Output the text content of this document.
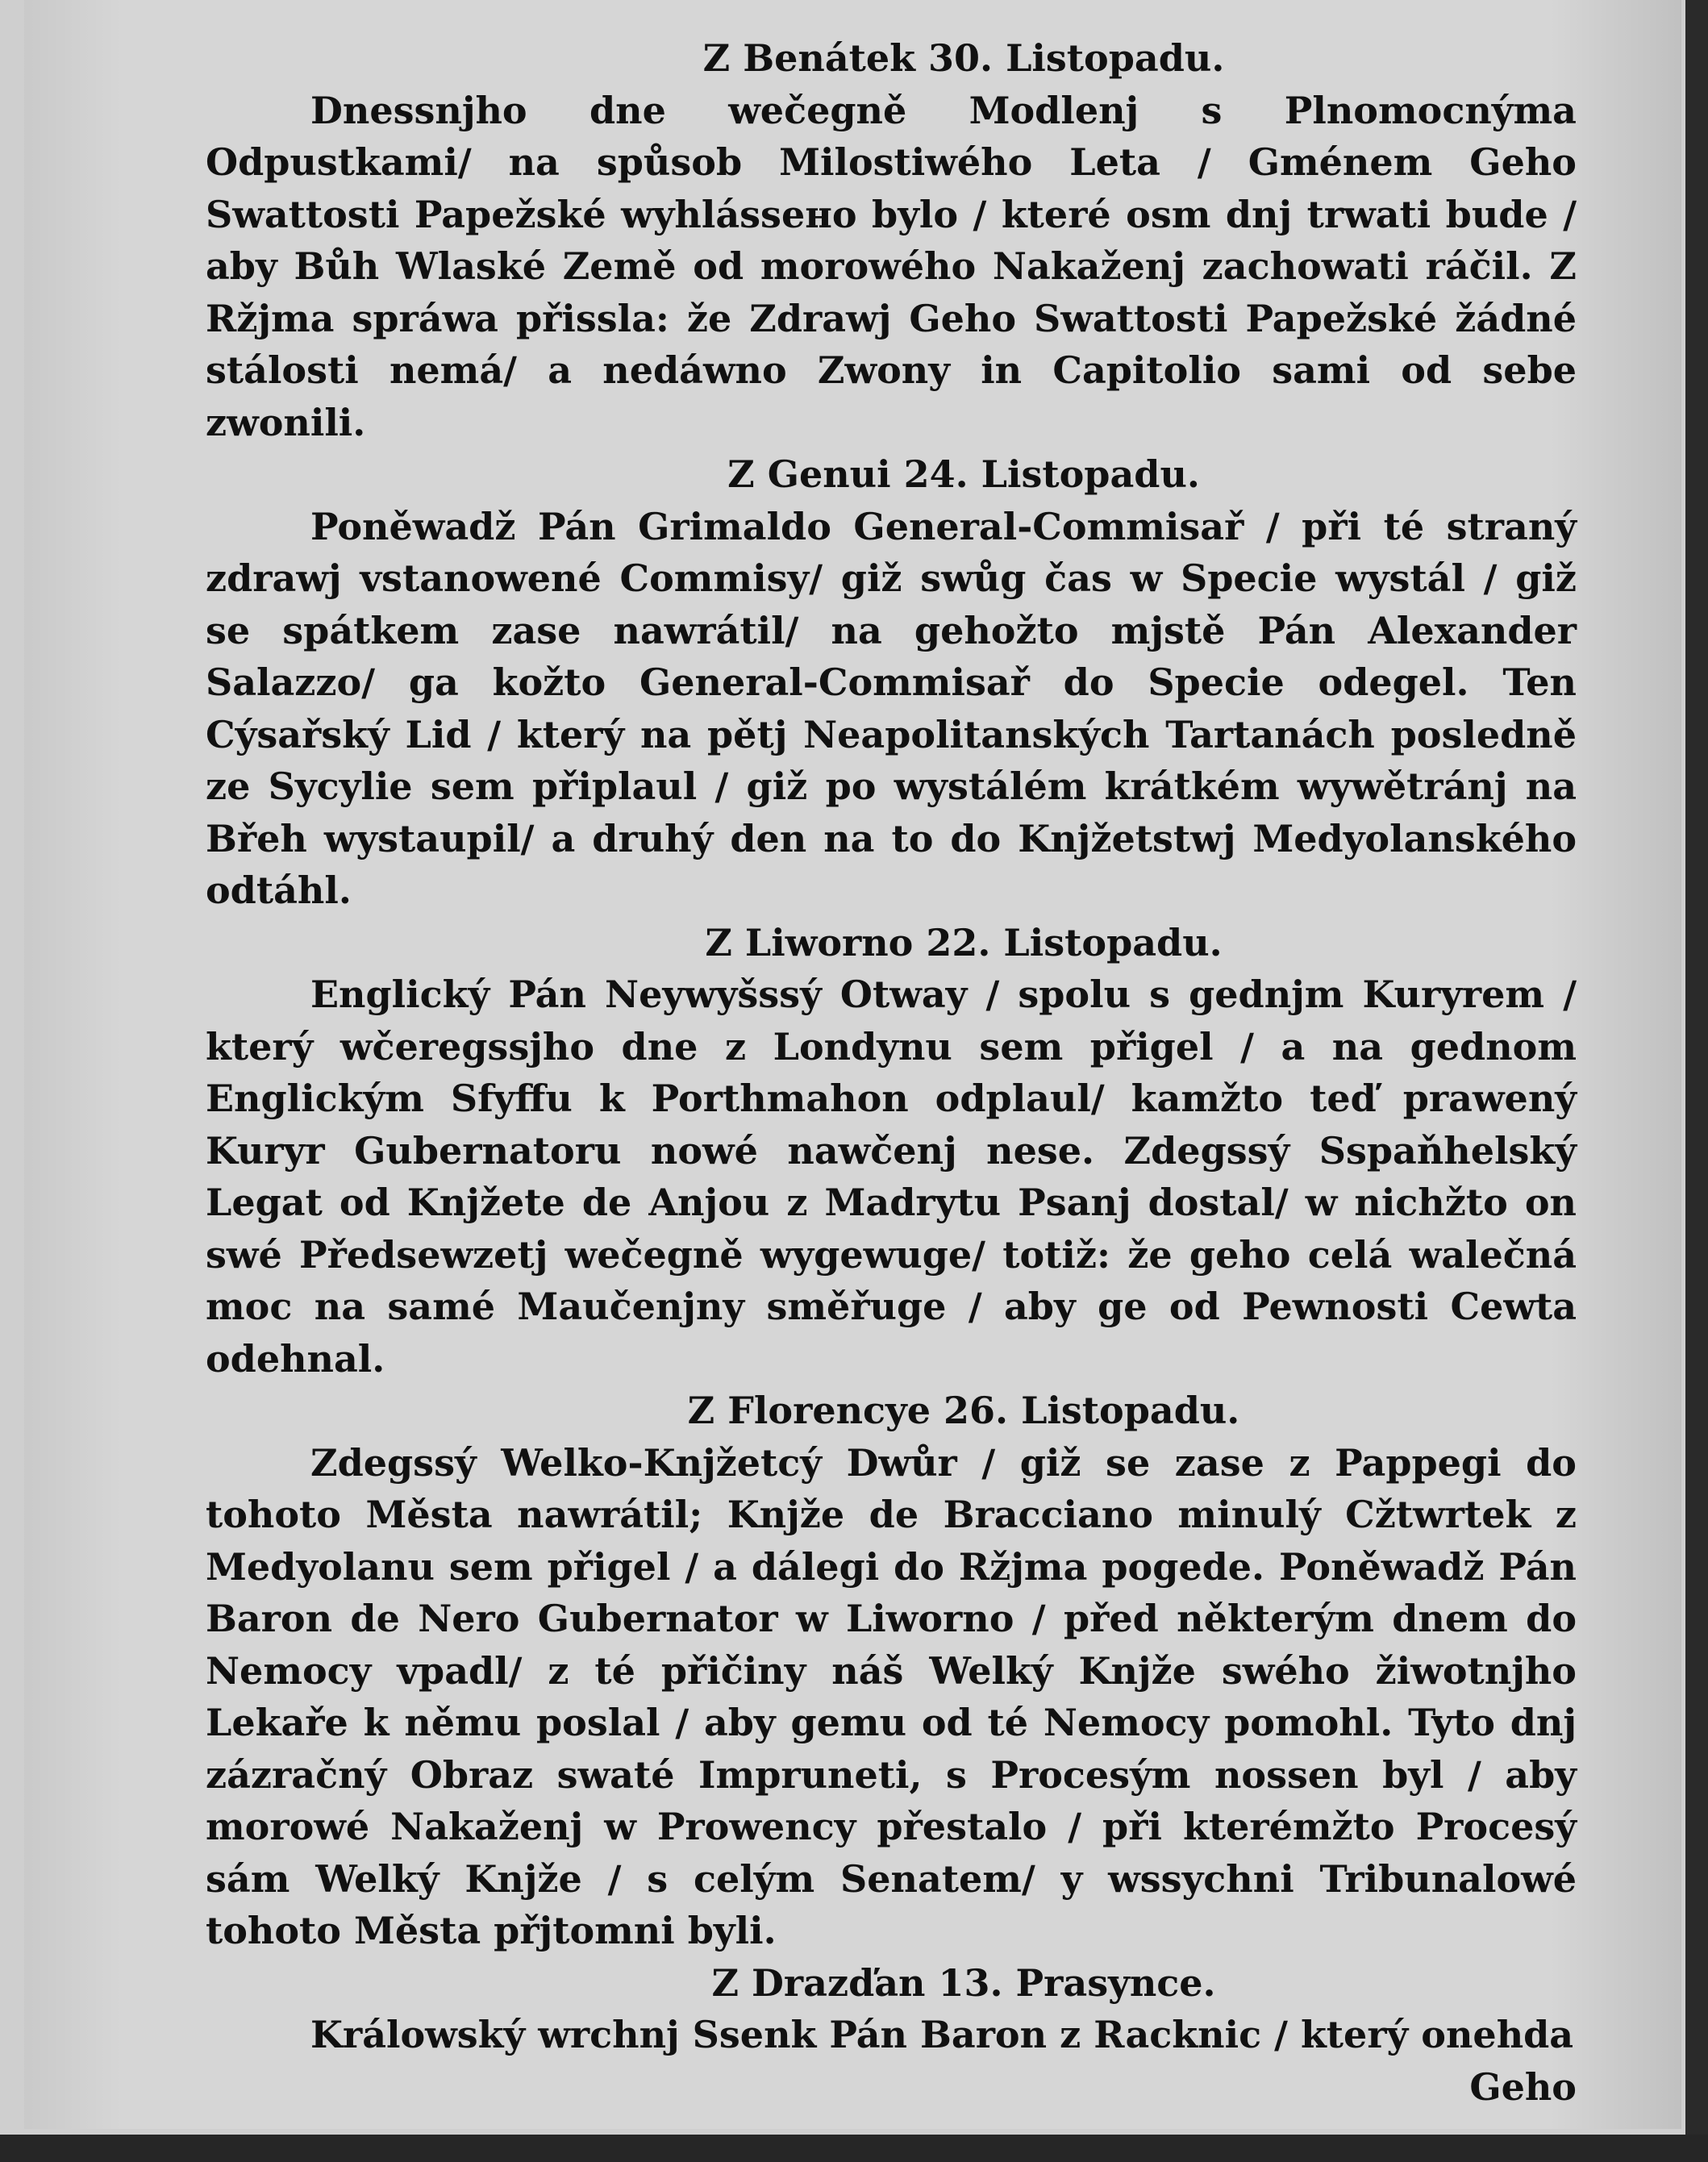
Z Benátek 30. Listopadu.

Dnessnjho dne wečegně Modlenj s Plnomocnýma Odpustkami/ na spůsob Milostiwého Leta / Gménem Geho Swattosti Papežské wyhlássено bylo / které osm dnj trwati bude / aby Bůh Wlaské Země od morowého Nakaženj zachowati ráčil. Z Ržjma spráwa přissla: že Zdrawj Geho Swattosti Papežské žádné stálosti nemá/ a nedáwno Zwony in Capitolio sami od sebe zwonili.

Z Genui 24. Listopadu.

Poněwadž Pán Grimaldo General-Commisař / při té straný zdrawj vstanowené Commisy/ giž swůg čas w Specie wystál / giž se spátkem zase nawrátil/ na gehožto mjstě Pán Alexander Salazzo/ ga kožto General-Commisař do Specie odegel. Ten Cýsařský Lid / který na pětj Neapolitanských Tartanách posledně ze Sycylie sem připlaul / giž po wystálém krátkém wywětránj na Břeh wystaupil/ a druhý den na to do Knjžetstwj Medyolanského odtáhl.

Z Liworno 22. Listopadu.

Englický Pán Neywyšssý Otway / spolu s gednjm Kuryrem / který wčeregssjho dne z Londynu sem přigel / a na gednom Englickým Sfyffu k Porthmahon odplaul/ kamžto teď prawený Kuryr Gubernatoru nowé nawčenj nese. Zdegssý Sspaňhelský Legat od Knjžete de Anjou z Madrytu Psanj dostal/ w nichžto on swé Předsewzetj wečegně wygewuge/ totiž: že geho celá walečná moc na samé Maučenjny směřuge / aby ge od Pewnosti Cewta odehnal.

Z Florencye 26. Listopadu.

Zdegssý Welko-Knjžetcý Dwůr / giž se zase z Pappegi do tohoto Města nawrátil; Knjže de Bracciano minulý Cžtwrtek z Medyolanu sem přigel / a dálegi do Ržjma pogede. Poněwadž Pán Baron de Nero Gubernator w Liworno / před některým dnem do Nemocy vpadl/ z té přičiny náš Welký Knjže swého žiwotnjho Lekaře k němu poslal / aby gemu od té Nemocy pomohl. Tyto dnj zázračný Obraz swaté Impruneti, s Procesým nossen byl / aby morowé Nakaženj w Prowency přestalo / při kterémžto Procesý sám Welký Knjže / s celým Senatem/ y wssychni Tribunalowé tohoto Města přjtomni byli.

Z Drazďan 13. Prasynce.

Králowský wrchnj Ssenk Pán Baron z Racknic / který onehda

Geho
